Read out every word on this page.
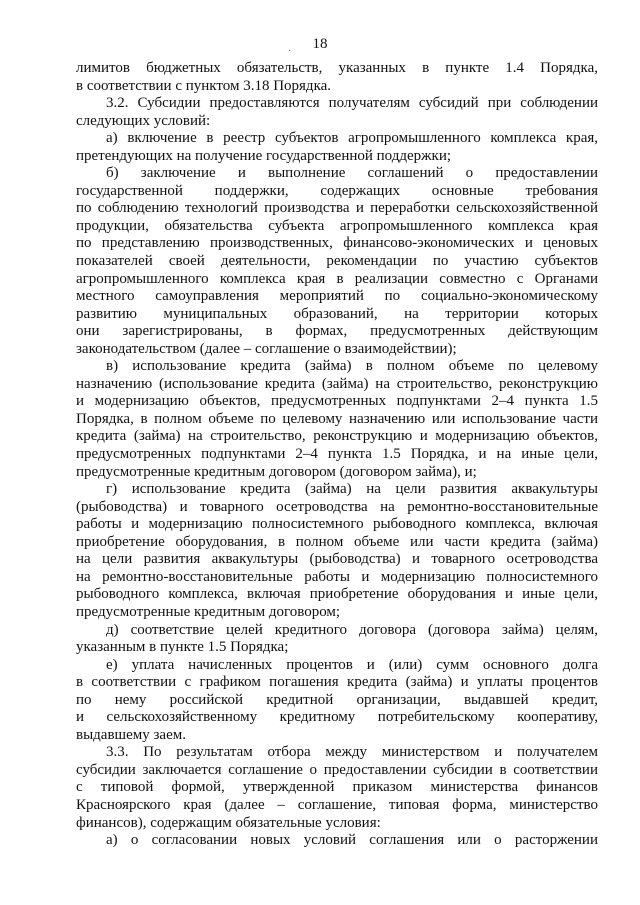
18
·
лимитов бюджетных обязательств, указанных в пункте 1.4 Порядка,
в соответствии с пунктом 3.18 Порядка.
3.2. Субсидии предоставляются получателям субсидий при соблюдении
следующих условий:
а) включение в реестр субъектов агропромышленного комплекса края,
претендующих на получение государственной поддержки;
б) заключение и выполнение соглашений о предоставлении
государственной поддержки, содержащих основные требования
по соблюдению технологий производства и переработки сельскохозяйственной
продукции, обязательства субъекта агропромышленного комплекса края
по представлению производственных, финансово-экономических и ценовых
показателей своей деятельности, рекомендации по участию субъектов
агропромышленного комплекса края в реализации совместно с Органами
местного самоуправления мероприятий по социально-экономическому
развитию муниципальных образований, на территории которых
они зарегистрированы, в формах, предусмотренных действующим
законодательством (далее – соглашение о взаимодействии);
в) использование кредита (займа) в полном объеме по целевому
назначению (использование кредита (займа) на строительство, реконструкцию
и модернизацию объектов, предусмотренных подпунктами 2–4 пункта 1.5
Порядка, в полном объеме по целевому назначению или использование части
кредита (займа) на строительство, реконструкцию и модернизацию объектов,
предусмотренных подпунктами 2–4 пункта 1.5 Порядка, и на иные цели,
предусмотренные кредитным договором (договором займа), и;
г) использование кредита (займа) на цели развития аквакультуры
(рыбоводства) и товарного осетроводства на ремонтно-восстановительные
работы и модернизацию полносистемного рыбоводного комплекса, включая
приобретение оборудования, в полном объеме или части кредита (займа)
на цели развития аквакультуры (рыбоводства) и товарного осетроводства
на ремонтно-восстановительные работы и модернизацию полносистемного
рыбоводного комплекса, включая приобретение оборудования и иные цели,
предусмотренные кредитным договором;
д) соответствие целей кредитного договора (договора займа) целям,
указанным в пункте 1.5 Порядка;
е) уплата начисленных процентов и (или) сумм основного долга
в соответствии с графиком погашения кредита (займа) и уплаты процентов
по нему российской кредитной организации, выдавшей кредит,
и сельскохозяйственному кредитному потребительскому кооперативу,
выдавшему заем.
3.3. По результатам отбора между министерством и получателем
субсидии заключается соглашение о предоставлении субсидии в соответствии
с типовой формой, утвержденной приказом министерства финансов
Красноярского края (далее – соглашение, типовая форма, министерство
финансов), содержащим обязательные условия:
а) о согласовании новых условий соглашения или о расторжении
